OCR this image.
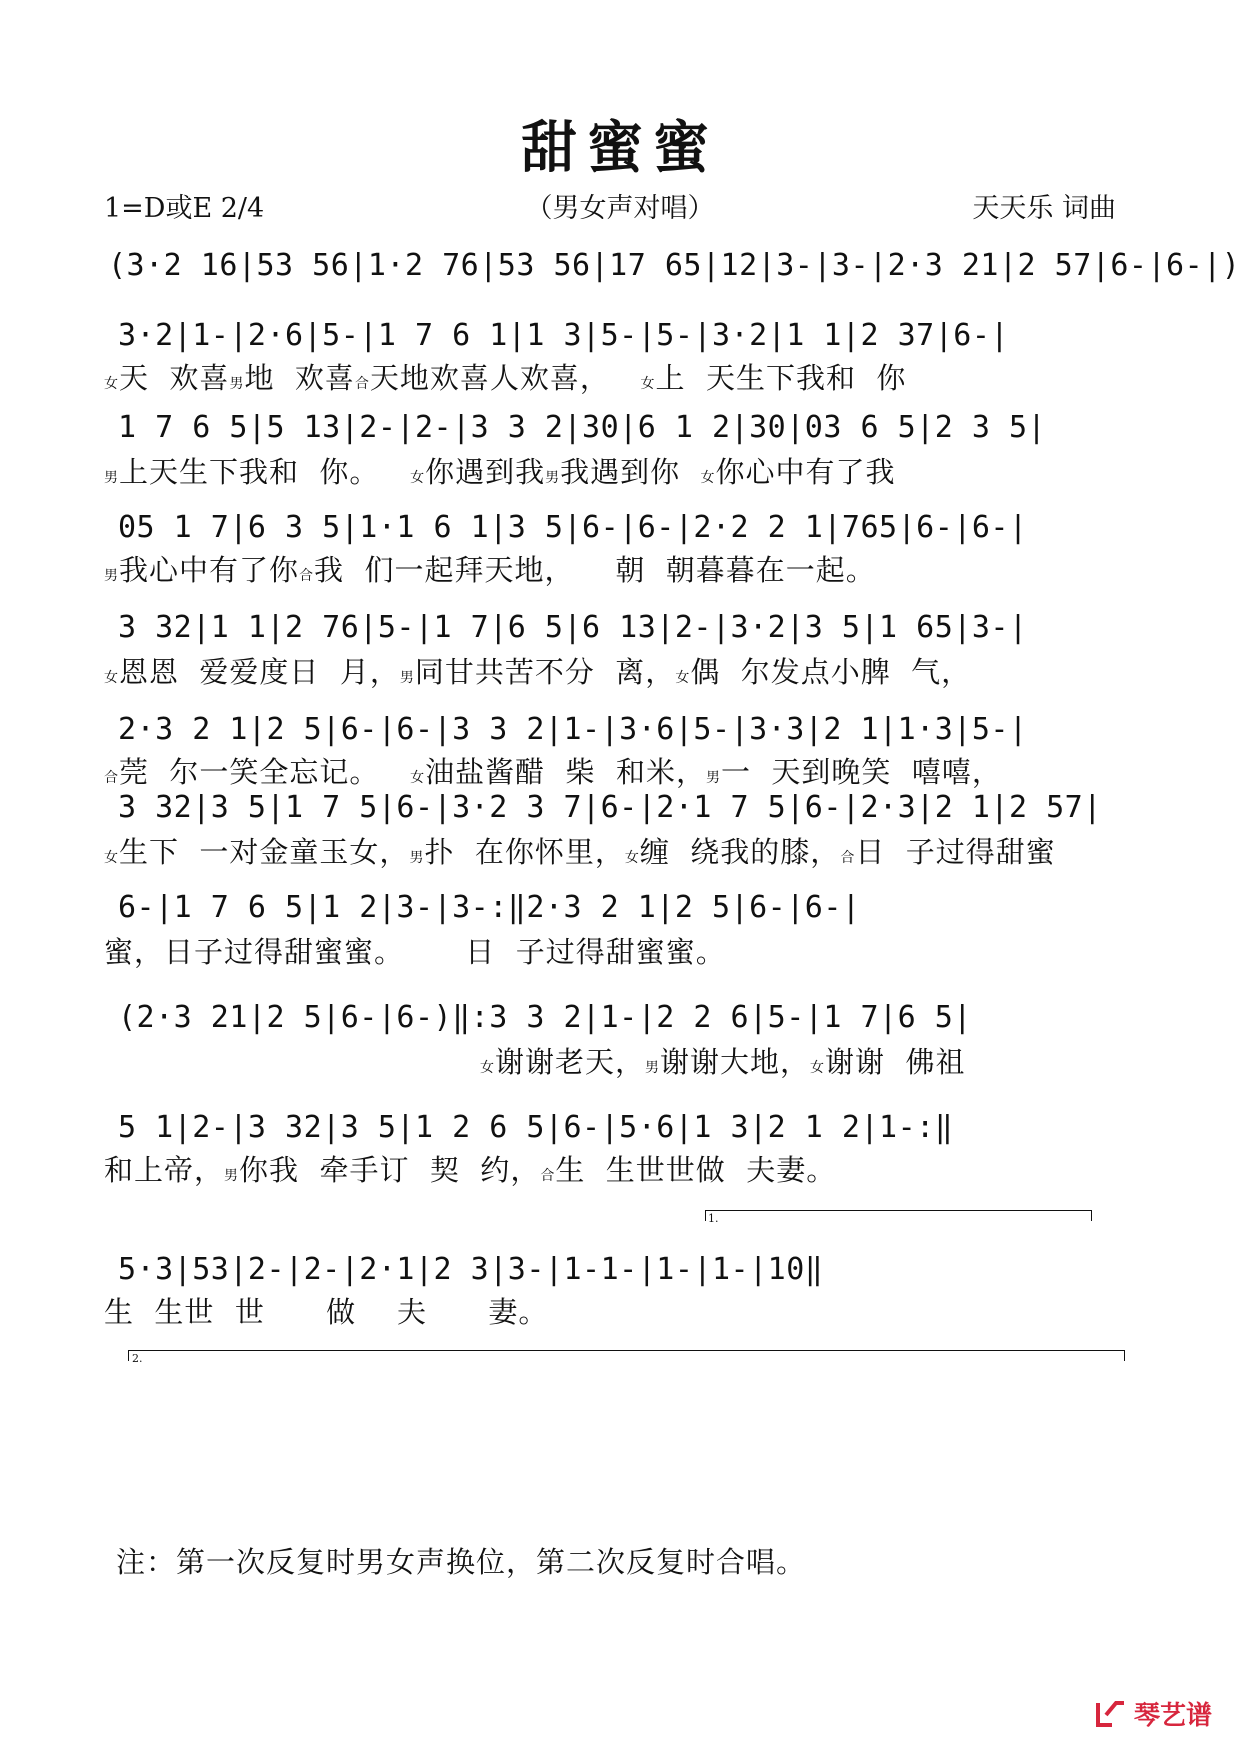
甜蜜蜜
1=D或E 2/4	（男女声对唱）	天天乐 词曲
(3·2 16|53 56|1·2 76|53 56|17 65|12|3-|3-|2·3 21|2 57|6-|6-|)
3·2|1-|2·6|5-|1 7 6 1|1 3|5-|5-|3·2|1 1|2 37|6-|
女天  欢喜男地  欢喜合天地欢喜人欢喜，   女上  天生下我和  你
1 7 6 5|5 13|2-|2-|3 3 2|30|6 1 2|30|03 6 5|2 3 5|
男上天生下我和  你。   女你遇到我男我遇到你  女你心中有了我
05 1 7|6 3 5|1·1 6 1|3 5|6-|6-|2·2 2 1|765|6-|6-|
男我心中有了你合我  们一起拜天地，    朝  朝暮暮在一起。
3 32|1 1|2 76|5-|1 7|6 5|6 13|2-|3·2|3 5|1 65|3-|
女恩恩  爱爱度日  月，男同甘共苦不分  离，女偶  尔发点小脾  气，
2·3 2 1|2 5|6-|6-|3 3 2|1-|3·6|5-|3·3|2 1|1·3|5-|
合莞  尔一笑全忘记。   女油盐酱醋  柴  和米，男一  天到晚笑  嘻嘻，
3 32|3 5|1 7 5|6-|3·2 3 7|6-|2·1 7 5|6-|2·3|2 1|2 57|
女生下  一对金童玉女，男扑  在你怀里，女缠  绕我的膝，合日  子过得甜蜜
6-|1 7 6 5|1 2|3-|3-:‖2·3 2 1|2 5|6-|6-|
蜜，日子过得甜蜜蜜。      日  子过得甜蜜蜜。
(2·3 21|2 5|6-|6-)‖:3 3 2|1-|2 2 6|5-|1 7|6 5|
女谢谢老天，男谢谢大地，女谢谢  佛祖
5 1|2-|3 32|3 5|1 2 6 5|6-|5·6|1 3|2 1 2|1-:‖
和上帝，男你我  牵手订  契  约，合生  生世世做  夫妻。
5·3|53|2-|2-|2·1|2 3|3-|1-1-|1-|1-|10‖
生  生世  世      做    夫      妻。
1.
2.
注：第一次反复时男女声换位，第二次反复时合唱。
琴艺谱
